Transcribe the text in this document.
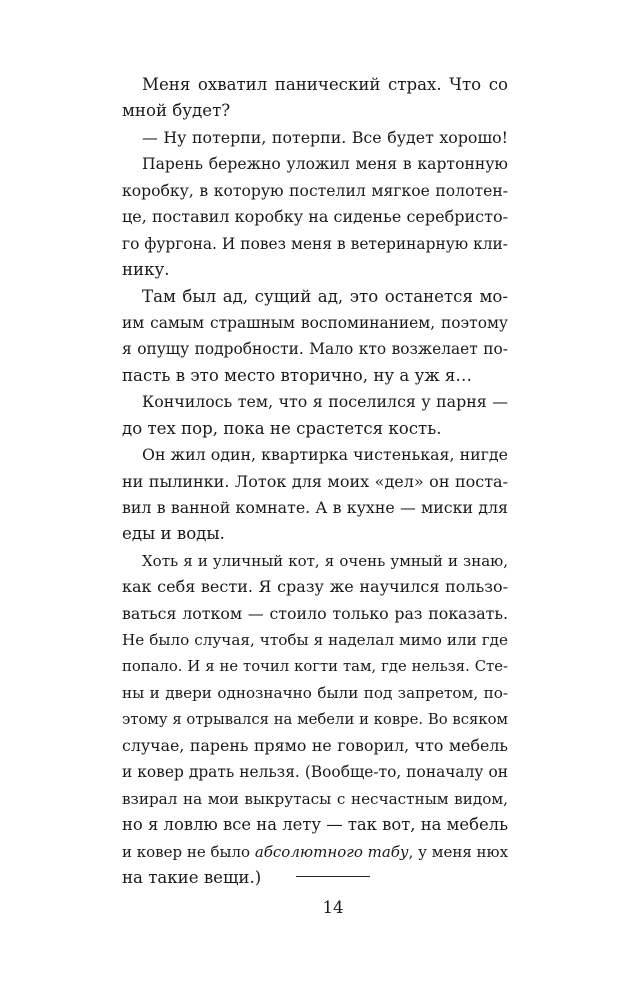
Меня охватил панический страх. Что со
мной будет?
— Ну потерпи, потерпи. Все будет хорошо!
Парень бережно уложил меня в картонную
коробку, в которую постелил мягкое полотен-
це, поставил коробку на сиденье серебристо-
го фургона. И повез меня в ветеринарную кли-
нику.
Там был ад, сущий ад, это останется мо-
им самым страшным воспоминанием, поэтому
я опущу подробности. Мало кто возжелает по-
пасть в это место вторично, ну а уж я…
Кончилось тем, что я поселился у парня —
до тех пор, пока не срастется кость.
Он жил один, квартирка чистенькая, нигде
ни пылинки. Лоток для моих «дел» он поста-
вил в ванной комнате. А в кухне — миски для
еды и воды.
Хоть я и уличный кот, я очень умный и знаю,
как себя вести. Я сразу же научился пользо-
ваться лотком — стоило только раз показать.
Не было случая, чтобы я наделал мимо или где
попало. И я не точил когти там, где нельзя. Сте-
ны и двери однозначно были под запретом, по-
этому я отрывался на мебели и ковре. Во всяком
случае, парень прямо не говорил, что мебель
и ковер драть нельзя. (Вообще-то, поначалу он
взирал на мои выкрутасы с несчастным видом,
но я ловлю все на лету — так вот, на мебель
и ковер не было абсолютного табу, у меня нюх
на такие вещи.)
14
